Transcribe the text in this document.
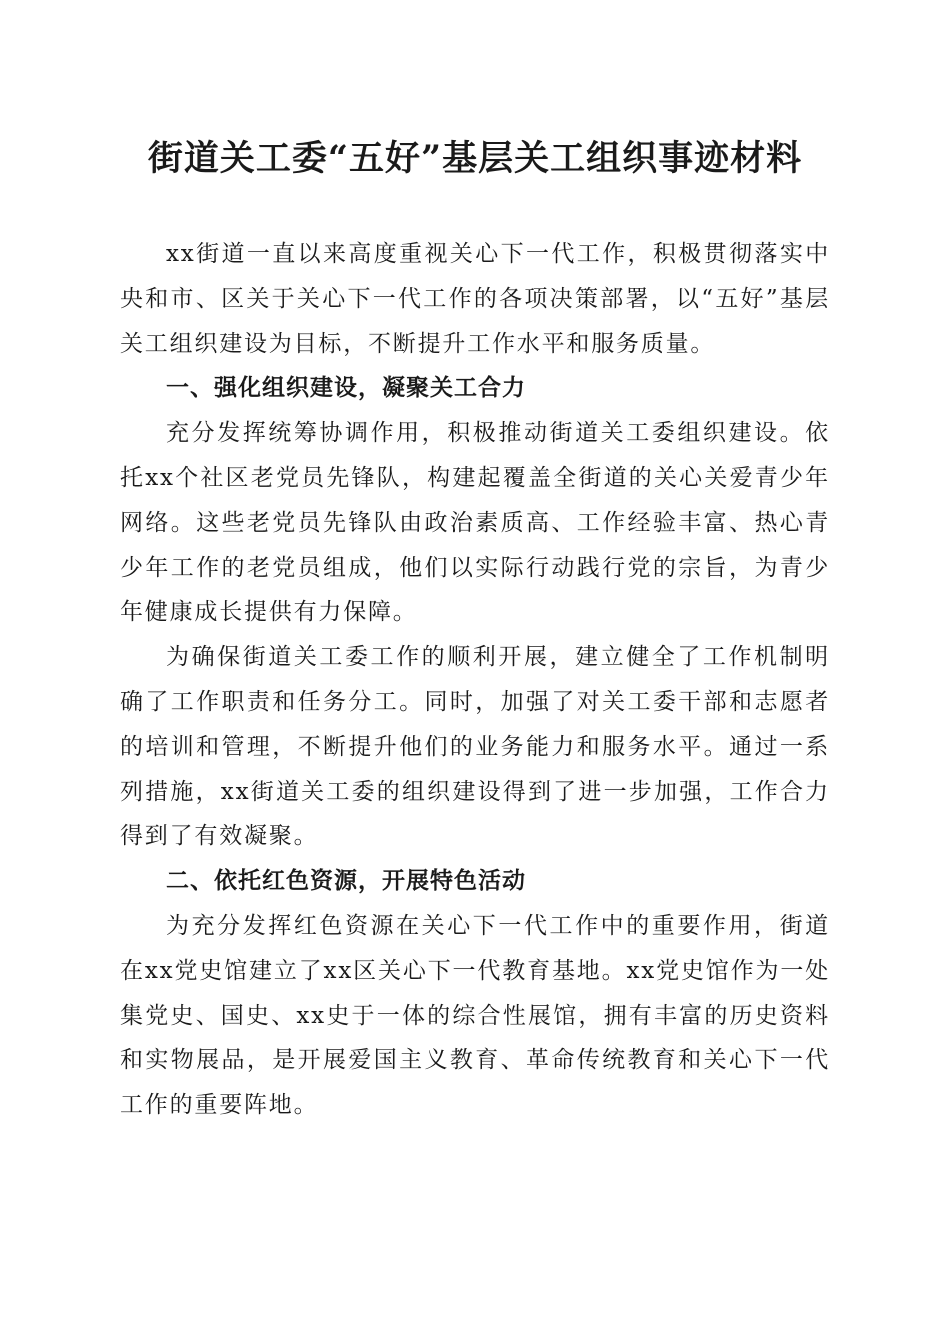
街道关工委“五好”基层关工组织事迹材料

xx街道一直以来高度重视关心下一代工作，积极贯彻落实中央和市、区关于关心下一代工作的各项决策部署，以“五好”基层关工组织建设为目标，不断提升工作水平和服务质量。

一、强化组织建设，凝聚关工合力

充分发挥统筹协调作用，积极推动街道关工委组织建设。依托xx个社区老党员先锋队，构建起覆盖全街道的关心关爱青少年网络。这些老党员先锋队由政治素质高、工作经验丰富、热心青少年工作的老党员组成，他们以实际行动践行党的宗旨，为青少年健康成长提供有力保障。

为确保街道关工委工作的顺利开展，建立健全了工作机制明确了工作职责和任务分工。同时，加强了对关工委干部和志愿者的培训和管理，不断提升他们的业务能力和服务水平。通过一系列措施，xx街道关工委的组织建设得到了进一步加强，工作合力得到了有效凝聚。

二、依托红色资源，开展特色活动

为充分发挥红色资源在关心下一代工作中的重要作用，街道在xx党史馆建立了xx区关心下一代教育基地。xx党史馆作为一处集党史、国史、xx史于一体的综合性展馆，拥有丰富的历史资料和实物展品，是开展爱国主义教育、革命传统教育和关心下一代工作的重要阵地。
